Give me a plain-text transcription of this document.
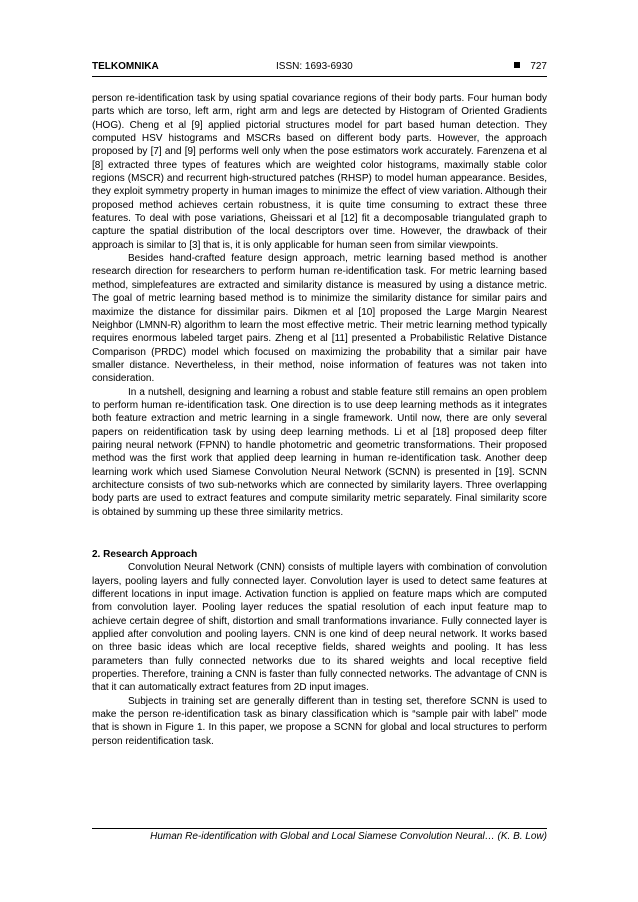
TELKOMNIKA	ISSN: 1693-6930	727

person re-identification task by using spatial covariance regions of their body parts. Four human body parts which are torso, left arm, right arm and legs are detected by Histogram of Oriented Gradients (HOG). Cheng et al [9] applied pictorial structures model for part based human detection. They computed HSV histograms and MSCRs based on different body parts. However, the approach proposed by [7] and [9] performs well only when the pose estimators work accurately. Farenzena et al [8] extracted three types of features which are weighted color histograms, maximally stable color regions (MSCR) and recurrent high-structured patches (RHSP) to model human appearance. Besides, they exploit symmetry property in human images to minimize the effect of view variation. Although their proposed method achieves certain robustness, it is quite time consuming to extract these three features. To deal with pose variations, Gheissari et al [12] fit a decomposable triangulated graph to capture the spatial distribution of the local descriptors over time. However, the drawback of their approach is similar to [3] that is, it is only applicable for human seen from similar viewpoints.

Besides hand-crafted feature design approach, metric learning based method is another research direction for researchers to perform human re-identification task. For metric learning based method, simplefeatures are extracted and similarity distance is measured by using a distance metric. The goal of metric learning based method is to minimize the similarity distance for similar pairs and maximize the distance for dissimilar pairs. Dikmen et al [10] proposed the Large Margin Nearest Neighbor (LMNN-R) algorithm to learn the most effective metric. Their metric learning method typically requires enormous labeled target pairs. Zheng et al [11] presented a Probabilistic Relative Distance Comparison (PRDC) model which focused on maximizing the probability that a similar pair have smaller distance. Nevertheless, in their method, noise information of features was not taken into consideration.

In a nutshell, designing and learning a robust and stable feature still remains an open problem to perform human re-identification task. One direction is to use deep learning methods as it integrates both feature extraction and metric learning in a single framework. Until now, there are only several papers on reidentification task by using deep learning methods. Li et al [18] proposed deep filter pairing neural network (FPNN) to handle photometric and geometric transformations. Their proposed method was the first work that applied deep learning in human re-identification task. Another deep learning work which used Siamese Convolution Neural Network (SCNN) is presented in [19]. SCNN architecture consists of two sub-networks which are connected by similarity layers. Three overlapping body parts are used to extract features and compute similarity metric separately. Final similarity score is obtained by summing up these three similarity metrics.

2. Research Approach

Convolution Neural Network (CNN) consists of multiple layers with combination of convolution layers, pooling layers and fully connected layer. Convolution layer is used to detect same features at different locations in input image. Activation function is applied on feature maps which are computed from convolution layer. Pooling layer reduces the spatial resolution of each input feature map to achieve certain degree of shift, distortion and small tranformations invariance. Fully connected layer is applied after convolution and pooling layers. CNN is one kind of deep neural network. It works based on three basic ideas which are local receptive fields, shared weights and pooling. It has less parameters than fully connected networks due to its shared weights and local receptive field properties. Therefore, training a CNN is faster than fully connected networks. The advantage of CNN is that it can automatically extract features from 2D input images.

Subjects in training set are generally different than in testing set, therefore SCNN is used to make the person re-identification task as binary classification which is “sample pair with label” mode that is shown in Figure 1. In this paper, we propose a SCNN for global and local structures to perform person reidentification task.

Human Re-identification with Global and Local Siamese Convolution Neural… (K. B. Low)
